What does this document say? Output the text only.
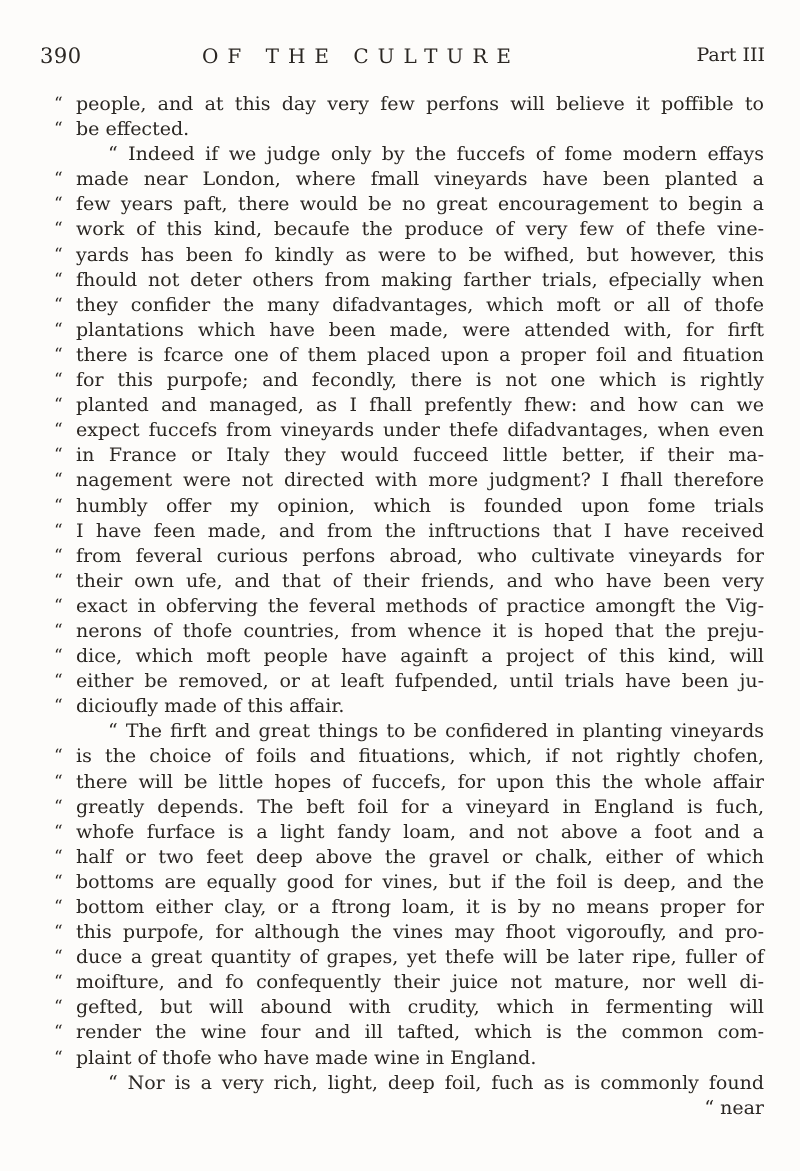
390	OF THE CULTURE	Part III
“ people, and at this day very few perfons will believe it poffible to
“ be effected.
“ Indeed if we judge only by the fuccefs of fome modern effays
“ made near London, where fmall vineyards have been planted a
“ few years paft, there would be no great encouragement to begin a
“ work of this kind, becaufe the produce of very few of thefe vine-
“ yards has been fo kindly as were to be wifhed, but however, this
“ fhould not deter others from making farther trials, efpecially when
“ they confider the many difadvantages, which moft or all of thofe
“ plantations which have been made, were attended with, for firft
“ there is fcarce one of them placed upon a proper foil and fituation
“ for this purpofe; and fecondly, there is not one which is rightly
“ planted and managed, as I fhall prefently fhew: and how can we
“ expect fuccefs from vineyards under thefe difadvantages, when even
“ in France or Italy they would fucceed little better, if their ma-
“ nagement were not directed with more judgment? I fhall therefore
“ humbly offer my opinion, which is founded upon fome trials
“ I have feen made, and from the inftructions that I have received
“ from feveral curious perfons abroad, who cultivate vineyards for
“ their own ufe, and that of their friends, and who have been very
“ exact in obferving the feveral methods of practice amongft the Vig-
“ nerons of thofe countries, from whence it is hoped that the preju-
“ dice, which moft people have againft a project of this kind, will
“ either be removed, or at leaft fufpended, until trials have been ju-
“ dicioufly made of this affair.
“ The firft and great things to be confidered in planting vineyards
“ is the choice of foils and fituations, which, if not rightly chofen,
“ there will be little hopes of fuccefs, for upon this the whole affair
“ greatly depends. The beft foil for a vineyard in England is fuch,
“ whofe furface is a light fandy loam, and not above a foot and a
“ half or two feet deep above the gravel or chalk, either of which
“ bottoms are equally good for vines, but if the foil is deep, and the
“ bottom either clay, or a ftrong loam, it is by no means proper for
“ this purpofe, for although the vines may fhoot vigoroufly, and pro-
“ duce a great quantity of grapes, yet thefe will be later ripe, fuller of
“ moifture, and fo confequently their juice not mature, nor well di-
“ gefted, but will abound with crudity, which in fermenting will
“ render the wine four and ill tafted, which is the common com-
“ plaint of thofe who have made wine in England.
“ Nor is a very rich, light, deep foil, fuch as is commonly found
“ near
